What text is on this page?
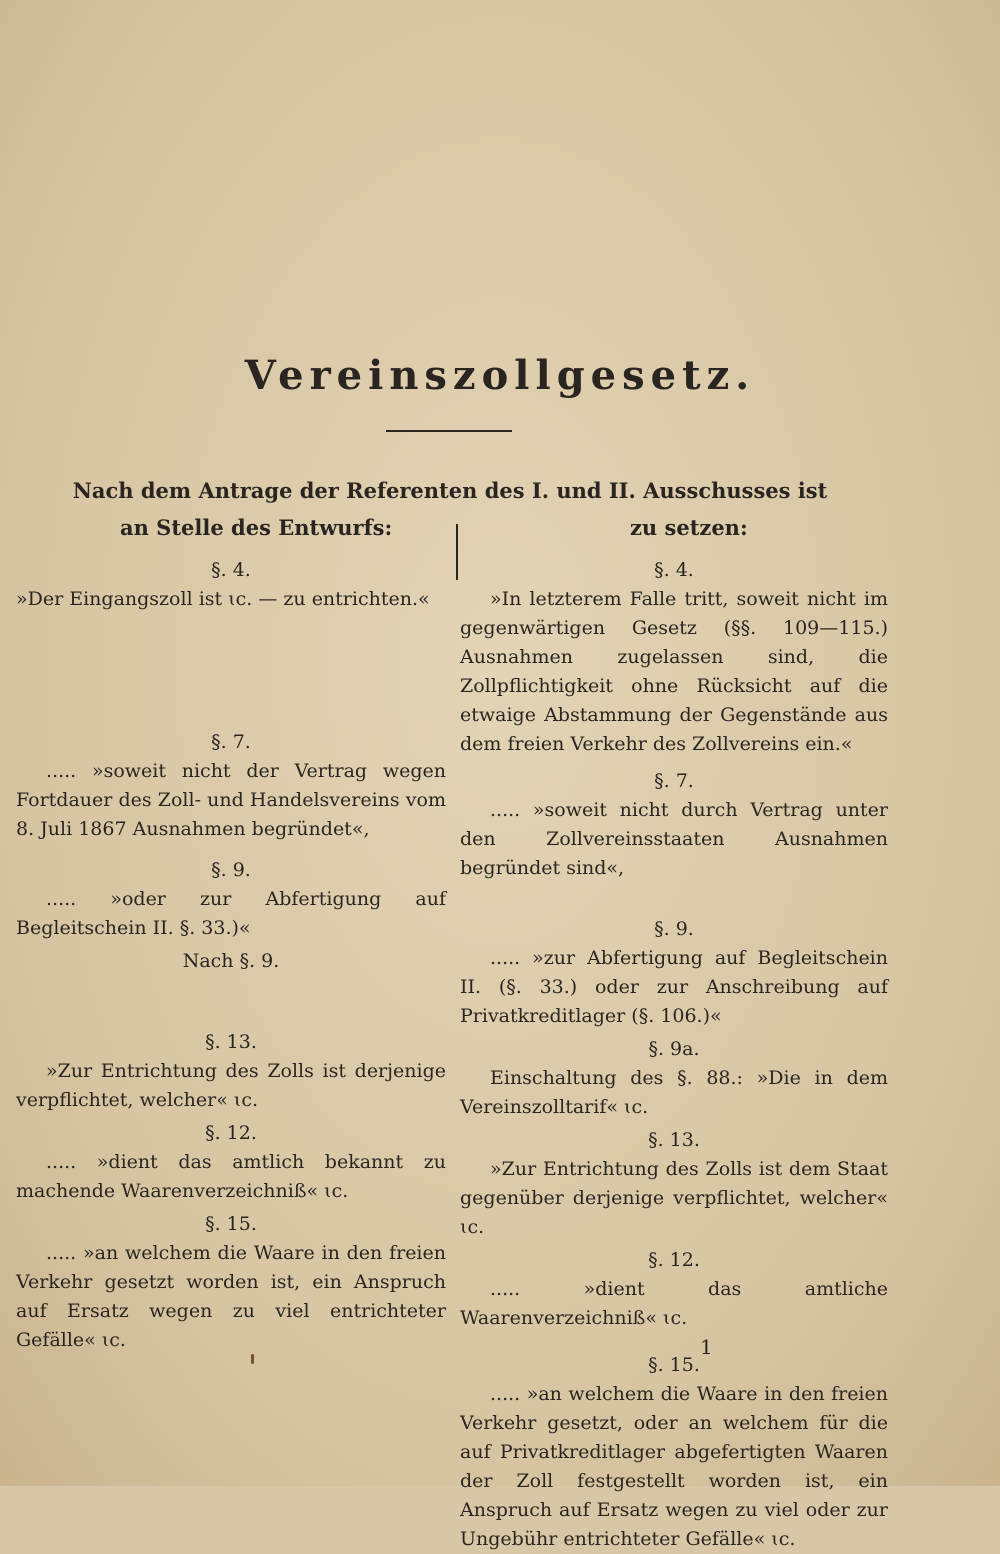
Vereinszollgesetz.
Nach dem Antrage der Referenten des I. und II. Ausschusses ist
an Stelle des Entwurfs:	zu setzen:

§. 4.

»Der Eingangszoll ist ɩc. — zu entrichten.«

§. 7.

..... »soweit nicht der Vertrag wegen Fortdauer des Zoll- und Handelsvereins vom 8. Juli 1867 Ausnahmen begründet«,

§. 9.

..... »oder zur Abfertigung auf Begleitschein II. §. 33.)«

Nach §. 9.

§. 13.

»Zur Entrichtung des Zolls ist derjenige verpflichtet, welcher« ɩc.

§. 12.

..... »dient das amtlich bekannt zu machende Waarenverzeichniß« ɩc.

§. 15.

..... »an welchem die Waare in den freien Verkehr gesetzt worden ist, ein Anspruch auf Ersatz wegen zu viel entrichteter Gefälle« ɩc.

§. 4.

»In letzterem Falle tritt, soweit nicht im gegenwärtigen Gesetz (§§. 109—115.) Ausnahmen zugelassen sind, die Zollpflichtigkeit ohne Rücksicht auf die etwaige Abstammung der Gegenstände aus dem freien Verkehr des Zollvereins ein.«

§. 7.

..... »soweit nicht durch Vertrag unter den Zollvereinsstaaten Ausnahmen begründet sind«,

§. 9.

..... »zur Abfertigung auf Begleitschein II. (§. 33.) oder zur Anschreibung auf Privatkreditlager (§. 106.)«

§. 9a.

Einschaltung des §. 88.: »Die in dem Vereinszolltarif« ɩc.

§. 13.

»Zur Entrichtung des Zolls ist dem Staat gegenüber derjenige verpflichtet, welcher« ɩc.

§. 12.

..... »dient das amtliche Waarenverzeichniß« ɩc.

§. 15.

..... »an welchem die Waare in den freien Verkehr gesetzt, oder an welchem für die auf Privatkreditlager abgefertigten Waaren der Zoll festgestellt worden ist, ein Anspruch auf Ersatz wegen zu viel oder zur Ungebühr entrichteter Gefälle« ɩc.

1
